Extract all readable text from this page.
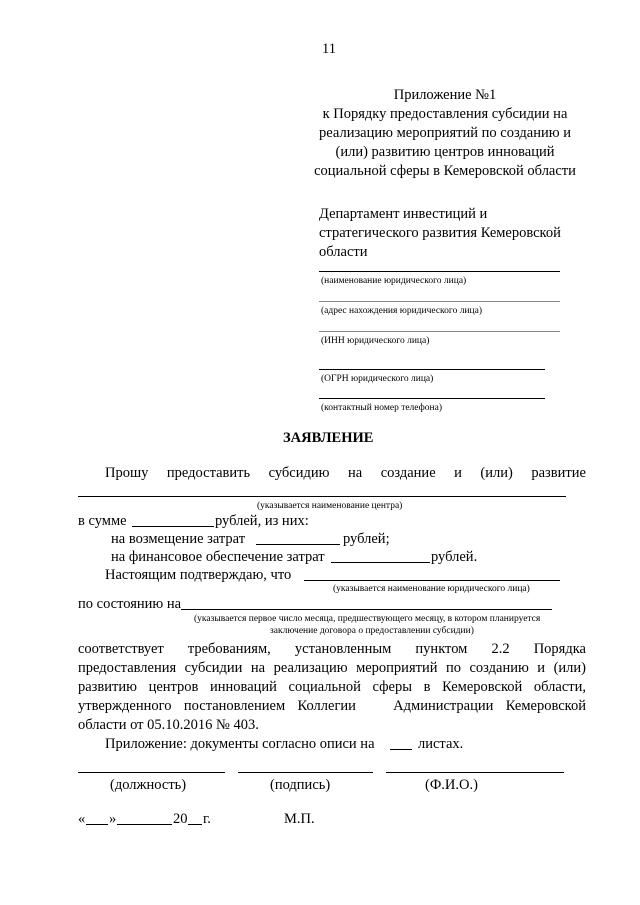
11
Приложение №1
к Порядку предоставления субсидии на
реализацию мероприятий по созданию и
(или) развитию центров инноваций
социальной сферы в Кемеровской области
Департамент инвестиций и
стратегического развития Кемеровской
области
(наименование юридического лица)
(адрес нахождения юридического лица)
(ИНН юридического лица)
(ОГРН юридического лица)
(контактный номер телефона)
ЗАЯВЛЕНИЕ
Прошу предоставить субсидию на создание и (или) развитие
(указывается наименование центра)
в сумме	рублей, из них:
на возмещение затрат	рублей;
на финансовое обеспечение затрат	рублей.
Настоящим подтверждаю, что
(указывается наименование юридического лица)
по состоянию на
(указывается первое число месяца, предшествующего месяцу, в котором планируется
заключение договора о предоставлении субсидии)
соответствует требованиям, установленным пунктом 2.2 Порядка
предоставления субсидии на реализацию мероприятий по созданию и (или)
развитию центров инноваций социальной сферы в Кемеровской области,
утвержденного постановлением Коллегии   Администрации Кемеровской
области от 05.10.2016 № 403.
Приложение: документы согласно описи на	листах.
(должность)	(подпись)	(Ф.И.О.)
« »	20 г.	М.П.
